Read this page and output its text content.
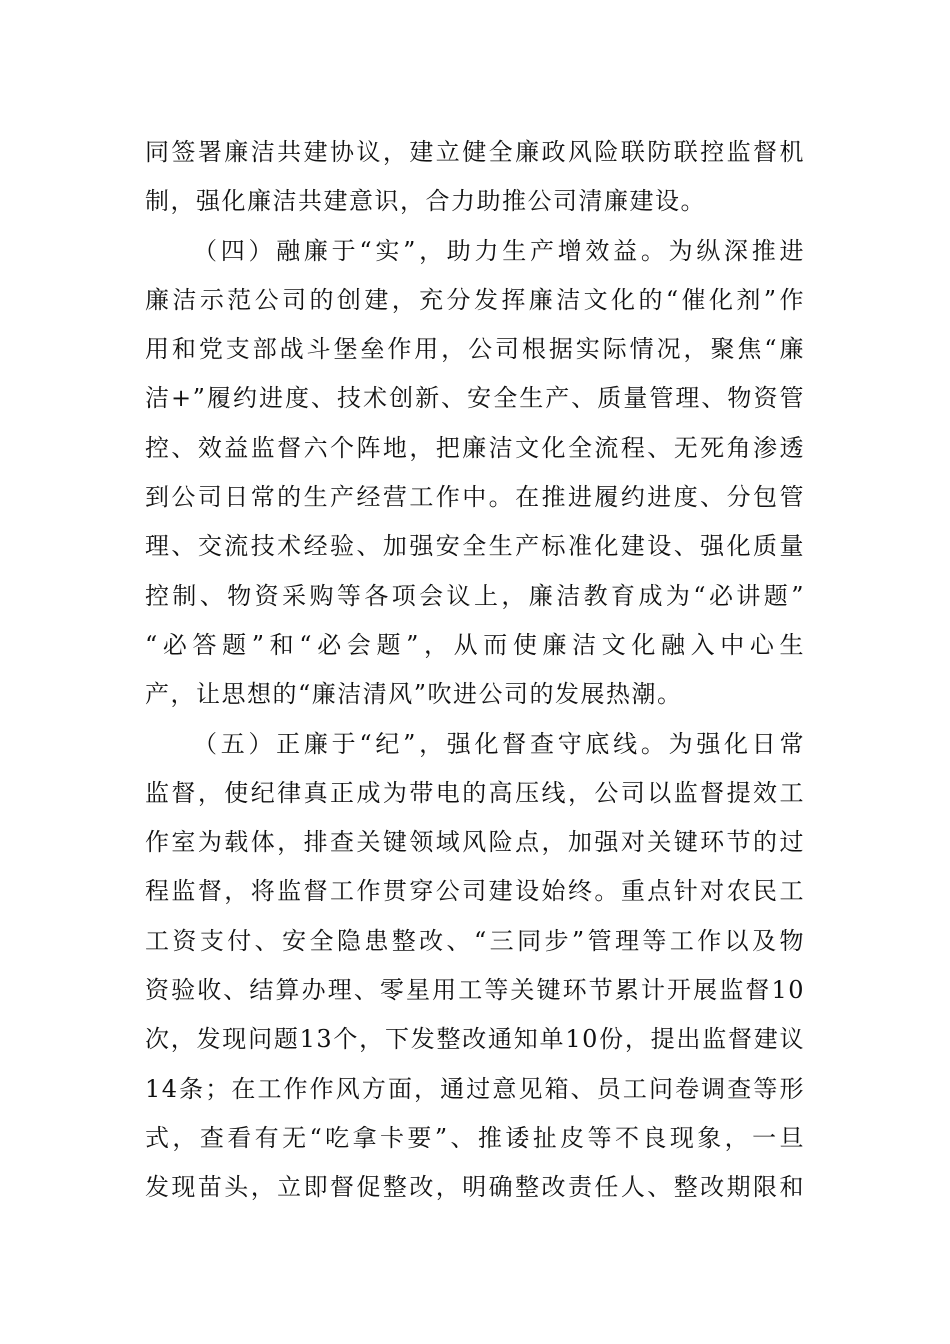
同签署廉洁共建协议，建立健全廉政风险联防联控监督机
制，强化廉洁共建意识，合力助推公司清廉建设。
（四）融廉于“实”，助力生产增效益。为纵深推进
廉洁示范公司的创建，充分发挥廉洁文化的“催化剂”作
用和党支部战斗堡垒作用，公司根据实际情况，聚焦“廉
洁+”履约进度、技术创新、安全生产、质量管理、物资管
控、效益监督六个阵地，把廉洁文化全流程、无死角渗透
到公司日常的生产经营工作中。在推进履约进度、分包管
理、交流技术经验、加强安全生产标准化建设、强化质量
控制、物资采购等各项会议上，廉洁教育成为“必讲题”
“必答题”和“必会题”，从而使廉洁文化融入中心生
产，让思想的“廉洁清风”吹进公司的发展热潮。
（五）正廉于“纪”，强化督查守底线。为强化日常
监督，使纪律真正成为带电的高压线，公司以监督提效工
作室为载体，排查关键领域风险点，加强对关键环节的过
程监督，将监督工作贯穿公司建设始终。重点针对农民工
工资支付、安全隐患整改、“三同步”管理等工作以及物
资验收、结算办理、零星用工等关键环节累计开展监督10
次，发现问题13个，下发整改通知单10份，提出监督建议
14条；在工作作风方面，通过意见箱、员工问卷调查等形
式，查看有无“吃拿卡要”、推诿扯皮等不良现象，一旦
发现苗头，立即督促整改，明确整改责任人、整改期限和
